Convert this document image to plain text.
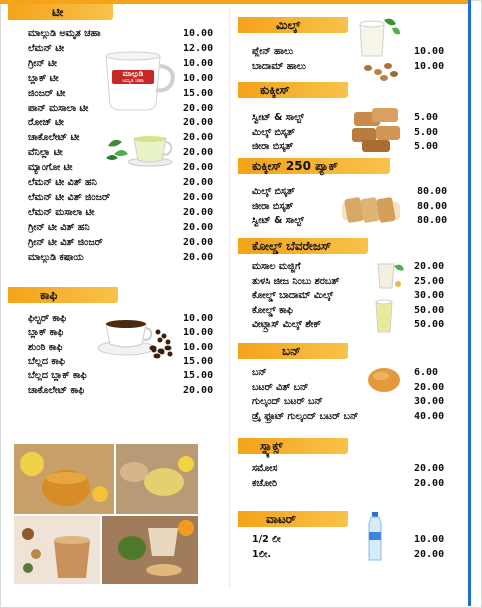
ಟೀ
ಮಾಲ್ಗುಡಿ ಅಮೃತ ಚಹಾ	10.00
ಲೆಮನ್ ಟೀ	12.00
ಗ್ರೀನ್ ಟೀ	10.00
ಬ್ಲಾಕ್ ಟೀ	10.00
ಜಿಂಜರ್ ಟೀ	15.00
ಪಾನ್ ಮಸಾಲಾ ಟೀ	20.00
ರೋಜ್ ಟೀ	20.00
ಚಾಕೊಲೇಟ್ ಟೀ	20.00
ವೆನಿಲ್ಲಾ ಟೀ	20.00
ಮ್ಯಾಂಗೋ ಟೀ	20.00
ಲೆಮನ್ ಟೀ ವಿತ್ ಹನಿ	20.00
ಲೆಮನ್ ಟೀ ವಿತ್ ಜಿಂಜರ್	20.00
ಲೆಮನ್ ಮಸಾಲಾ ಟೀ	20.00
ಗ್ರೀನ್ ಟೀ ವಿತ್ ಹನಿ	20.00
ಗ್ರೀನ್ ಟೀ ವಿತ್ ಜಿಂಜರ್	20.00
ಮಾಲ್ಗುಡಿ ಕಷಾಯ	20.00
ಮಾಲ್ಗುಡಿ
ಅಮೃತ ಚಹಾ
ಕಾಫಿ
ಫಿಲ್ಟರ್ ಕಾಫಿ	10.00
ಬ್ಲಾಕ್ ಕಾಫಿ	10.00
ಶುಂಠಿ ಕಾಫಿ	10.00
ಬೆಲ್ಲದ ಕಾಫಿ	15.00
ಬೆಲ್ಲದ ಬ್ಲಾಕ್ ಕಾಫಿ	15.00
ಚಾಕೊಲೇಟ್ ಕಾಫಿ	20.00
ಮಿಲ್ಕ್
ಪ್ಲೇನ್ ಹಾಲು	10.00
ಬಾದಾಮ್ ಹಾಲು	10.00
ಕುಕ್ಕೀಸ್
ಸ್ವೀಟ್ & ಸಾಲ್ಟ್	5.00
ಮಿಲ್ಕ್ ಬಿಸ್ಕತ್	5.00
ಜೀರಾ ಬಿಸ್ಕತ್	5.00
ಕುಕ್ಕೀಸ್ 250 ಪ್ಯಾಕ್
ಮಿಲ್ಕ್ ಬಿಸ್ಕತ್	80.00
ಜೀರಾ ಬಿಸ್ಕತ್	80.00
ಸ್ವೀಟ್ & ಸಾಲ್ಟ್	80.00
ಕೋಲ್ಡ್ ಬೆವರೇಜಸ್
ಮಸಾಲ ಮಜ್ಜಿಗೆ	20.00
ತುಳಸಿ ಜೀಜ ನಿಂಬು ಶರಬತ್	25.00
ಕೋಲ್ಡ್ ಬಾದಾಮ್ ಮಿಲ್ಕ್	30.00
ಕೋಲ್ಡ್ ಕಾಫಿ	50.00
ವೀಟ್ಗ್ರಾಸ್ ಮಿಲ್ಕ್ ಶೇಕ್	50.00
ಬನ್
ಬನ್	6.00
ಬಟರ್ ವಿತ್ ಬನ್	20.00
ಗುಲ್ಕಂದ್ ಬಟರ್ ಬನ್	30.00
ಡ್ರೈ ಫ್ರೂಟ್ ಗುಲ್ಕಂದ್ ಬಟರ್ ಬನ್	40.00
ಸ್ನ್ಯಾಕ್ಸ್
ಸಮೋಸ	20.00
ಕಚೋರಿ	20.00
ವಾಟರ್
1/2 ಲೀ	10.00
1ಲೀ.	20.00
